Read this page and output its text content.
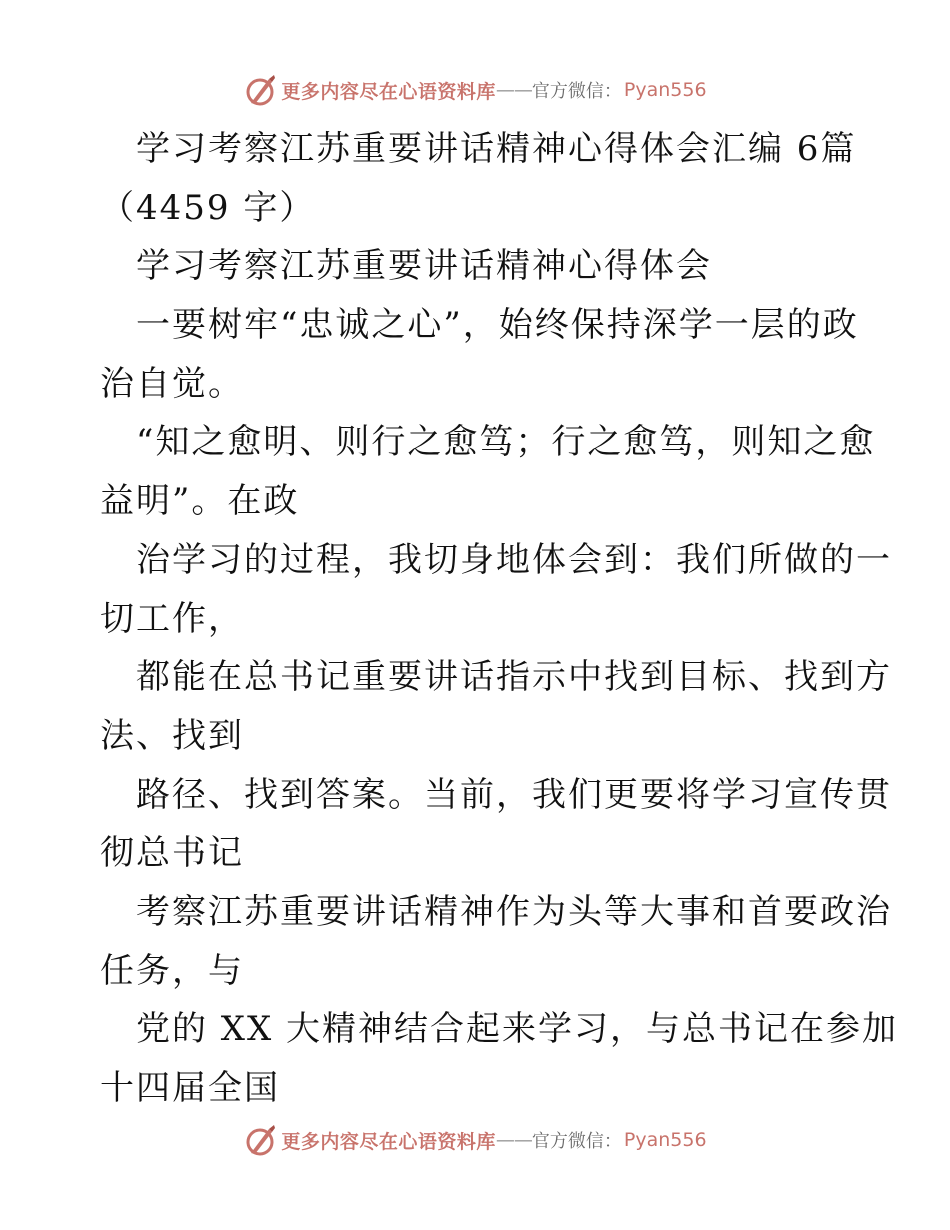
更多内容尽在心语资料库 —— 官方微信： Pyan556

学习考察江苏重要讲话精神心得体会汇编 6篇

（4459 字）

学习考察江苏重要讲话精神心得体会

一要树牢“忠诚之心”，始终保持深学一层的政

治自觉。

“知之愈明、则行之愈笃；行之愈笃，则知之愈

益明”。在政

治学习的过程，我切身地体会到：我们所做的一

切工作，

都能在总书记重要讲话指示中找到目标、找到方

法、找到

路径、找到答案。当前，我们更要将学习宣传贯

彻总书记

考察江苏重要讲话精神作为头等大事和首要政治

任务，与

党的 XX 大精神结合起来学习，与总书记在参加

十四届全国

更多内容尽在心语资料库 —— 官方微信： Pyan556
